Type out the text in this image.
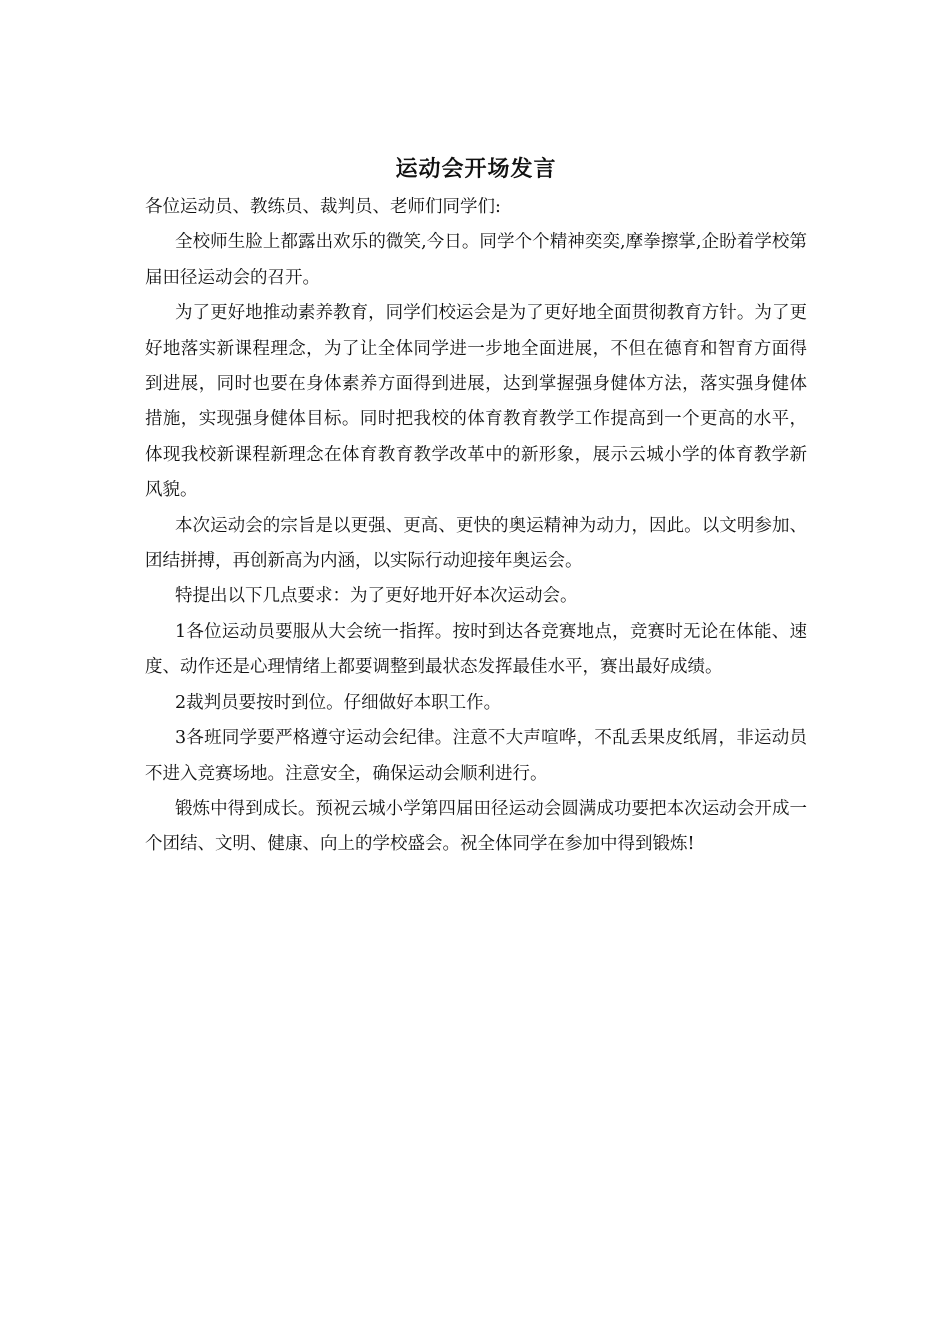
运动会开场发言

各位运动员、教练员、裁判员、老师们同学们:

全校师生脸上都露出欢乐的微笑,今日。同学个个精神奕奕,摩拳擦掌,企盼着学校第届田径运动会的召开。

为了更好地推动素养教育，同学们校运会是为了更好地全面贯彻教育方针。为了更好地落实新课程理念，为了让全体同学进一步地全面进展，不但在德育和智育方面得到进展，同时也要在身体素养方面得到进展，达到掌握强身健体方法，落实强身健体措施，实现强身健体目标。同时把我校的体育教育教学工作提高到一个更高的水平，体现我校新课程新理念在体育教育教学改革中的新形象，展示云城小学的体育教学新风貌。

本次运动会的宗旨是以更强、更高、更快的奥运精神为动力，因此。以文明参加、团结拼搏，再创新高为内涵，以实际行动迎接年奥运会。

特提出以下几点要求：为了更好地开好本次运动会。

1各位运动员要服从大会统一指挥。按时到达各竞赛地点，竞赛时无论在体能、速度、动作还是心理情绪上都要调整到最状态发挥最佳水平，赛出最好成绩。

2裁判员要按时到位。仔细做好本职工作。

3各班同学要严格遵守运动会纪律。注意不大声喧哗，不乱丢果皮纸屑，非运动员不进入竞赛场地。注意安全，确保运动会顺利进行。

锻炼中得到成长。预祝云城小学第四届田径运动会圆满成功要把本次运动会开成一个团结、文明、健康、向上的学校盛会。祝全体同学在参加中得到锻炼!
